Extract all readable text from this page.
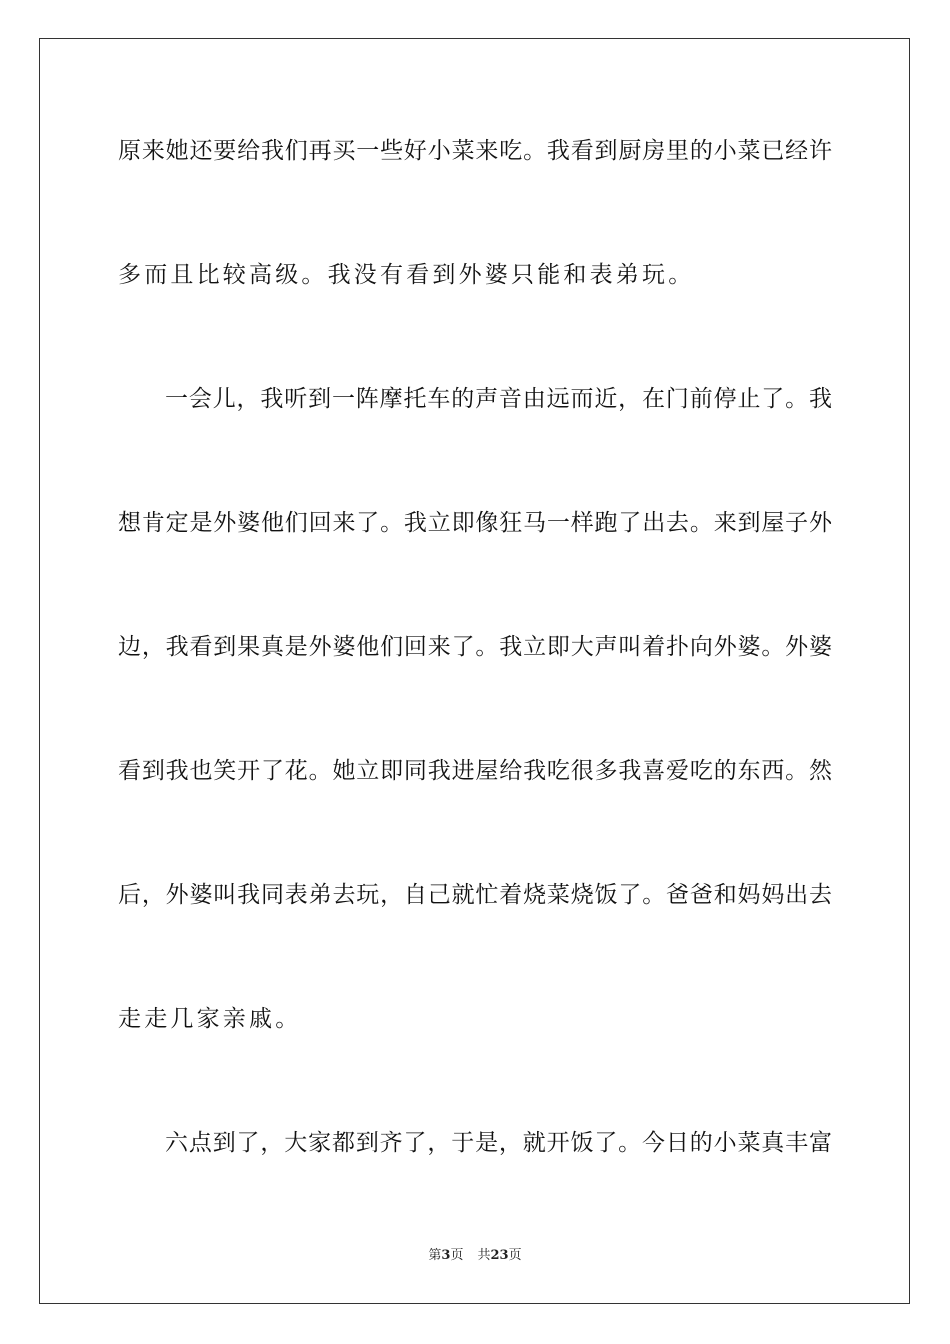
原来她还要给我们再买一些好小菜来吃。我看到厨房里的小菜已经许
多而且比较高级。我没有看到外婆只能和表弟玩。
一会儿，我听到一阵摩托车的声音由远而近，在门前停止了。我
想肯定是外婆他们回来了。我立即像狂马一样跑了出去。来到屋子外
边，我看到果真是外婆他们回来了。我立即大声叫着扑向外婆。外婆
看到我也笑开了花。她立即同我进屋给我吃很多我喜爱吃的东西。然
后，外婆叫我同表弟去玩，自己就忙着烧菜烧饭了。爸爸和妈妈出去
走走几家亲戚。
六点到了，大家都到齐了，于是，就开饭了。今日的小菜真丰富
第3页 共23页
